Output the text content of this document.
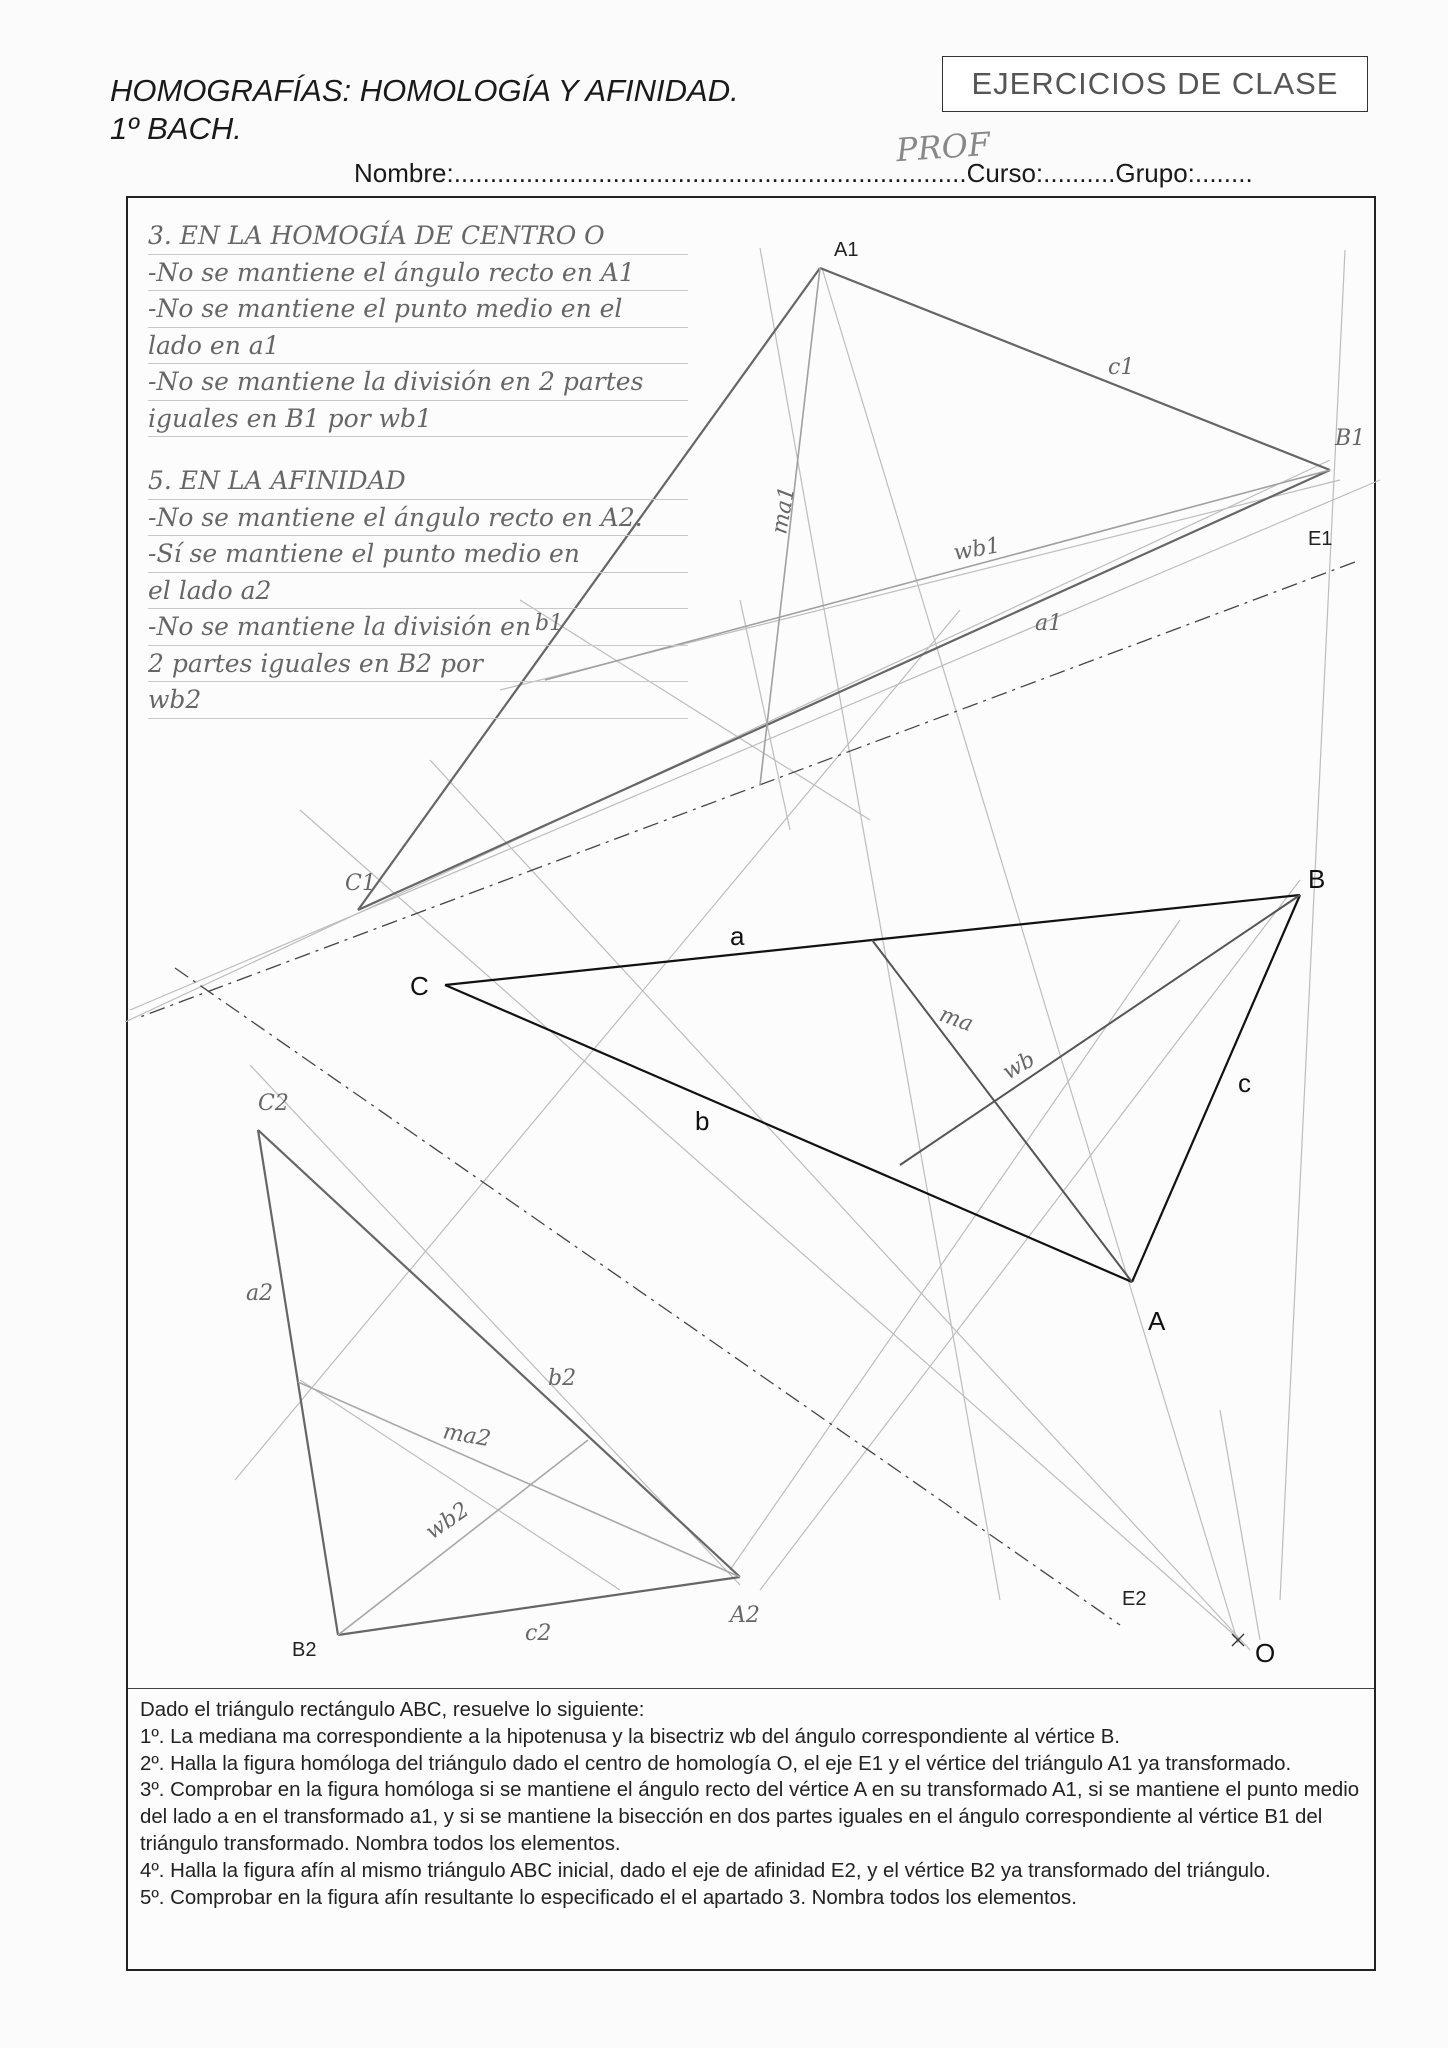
HOMOGRAFÍAS: HOMOLOGÍA Y AFINIDAD.
1º BACH.
EJERCICIOS DE CLASE
PROF
Nombre:.......................................................................Curso:..........Grupo:........
A
B
C
O
a
b
c
ma
wb
A1
B1
C1
a1
b1
c1
ma1
wb1
B2
C2
A2
a2
b2
c2
ma2
wb2
E1
E2
3. EN LA HOMOGÍA DE CENTRO O
-No se mantiene el ángulo recto en A1
-No se mantiene el punto medio en el
lado en a1
-No se mantiene la división en 2 partes
iguales en B1 por wb1
5. EN LA AFINIDAD
-No se mantiene el ángulo recto en A2.
-Sí se mantiene el punto medio en
el lado a2
-No se mantiene la división en
2 partes iguales en B2 por
wb2

Dado el triángulo rectángulo ABC, resuelve lo siguiente:

1º. La mediana ma correspondiente a la hipotenusa y la bisectriz wb del ángulo correspondiente al vértice B.

2º. Halla la figura homóloga del triángulo dado el centro de homología O, el eje E1 y el vértice del triángulo A1 ya transformado.

3º. Comprobar en la figura homóloga si se mantiene el ángulo recto del vértice A en su transformado A1, si se mantiene el punto medio del lado a en el transformado a1, y si se mantiene la bisección en dos partes iguales en el ángulo correspondiente al vértice B1 del triángulo transformado. Nombra todos los elementos.

4º. Halla la figura afín al mismo triángulo ABC inicial, dado el eje de afinidad E2, y el vértice B2 ya transformado del triángulo.

5º. Comprobar en la figura afín resultante lo especificado el el apartado 3. Nombra todos los elementos.
